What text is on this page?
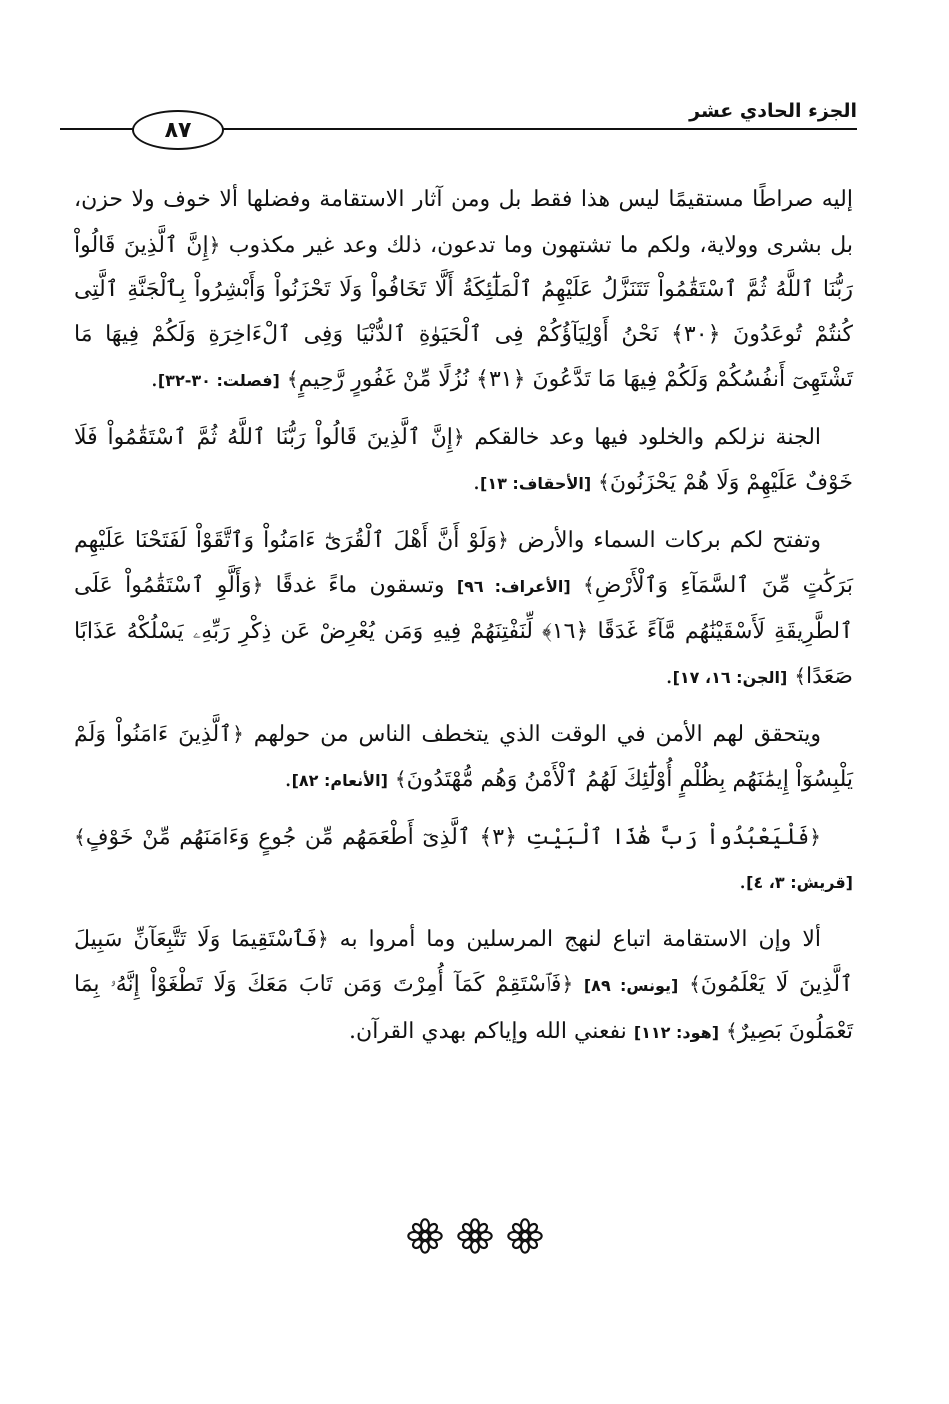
الجزء الحادي عشر
٨٧

إليه صراطًا مستقيمًا ليس هذا فقط بل ومن آثار الاستقامة وفضلها ألا خوف ولا حزن، بل بشرى وولاية، ولكم ما تشتهون وما تدعون، ذلك وعد غير مكذوب ﴿إِنَّ ٱلَّذِينَ قَالُواْ رَبُّنَا ٱللَّهُ ثُمَّ ٱسْتَقَٰمُواْ تَتَنَزَّلُ عَلَيْهِمُ ٱلْمَلَٰٓئِكَةُ أَلَّا تَخَافُواْ وَلَا تَحْزَنُواْ وَأَبْشِرُواْ بِٱلْجَنَّةِ ٱلَّتِى كُنتُمْ تُوعَدُونَ ﴿٣٠﴾ نَحْنُ أَوْلِيَآؤُكُمْ فِى ٱلْحَيَوٰةِ ٱلدُّنْيَا وَفِى ٱلْءَاخِرَةِ وَلَكُمْ فِيهَا مَا تَشْتَهِىٓ أَنفُسُكُمْ وَلَكُمْ فِيهَا مَا تَدَّعُونَ ﴿٣١﴾ نُزُلًا مِّنْ غَفُورٍ رَّحِيمٍ﴾ [فصلت: ٣٠-٣٢].

الجنة نزلكم والخلود فيها وعد خالقكم ﴿إِنَّ ٱلَّذِينَ قَالُواْ رَبُّنَا ٱللَّهُ ثُمَّ ٱسْتَقَٰمُواْ فَلَا خَوْفٌ عَلَيْهِمْ وَلَا هُمْ يَحْزَنُونَ﴾ [الأحقاف: ١٣].

وتفتح لكم بركات السماء والأرض ﴿وَلَوْ أَنَّ أَهْلَ ٱلْقُرَىٰٓ ءَامَنُواْ وَٱتَّقَوْاْ لَفَتَحْنَا عَلَيْهِم بَرَكَٰتٍ مِّنَ ٱلسَّمَآءِ وَٱلْأَرْضِ﴾ [الأعراف: ٩٦] وتسقون ماءً غدقًا ﴿وَأَلَّوِ ٱسْتَقَٰمُواْ عَلَى ٱلطَّرِيقَةِ لَأَسْقَيْنَٰهُم مَّآءً غَدَقًا ﴿١٦﴾ لِّنَفْتِنَهُمْ فِيهِ وَمَن يُعْرِضْ عَن ذِكْرِ رَبِّهِۦ يَسْلُكْهُ عَذَابًا صَعَدًا﴾ [الجن: ١٦، ١٧].

ويتحقق لهم الأمن في الوقت الذي يتخطف الناس من حولهم ﴿ٱلَّذِينَ ءَامَنُواْ وَلَمْ يَلْبِسُوٓاْ إِيمَٰنَهُم بِظُلْمٍ أُوْلَٰٓئِكَ لَهُمُ ٱلْأَمْنُ وَهُم مُّهْتَدُونَ﴾ [الأنعام: ٨٢].

﴿فَلْيَعْبُدُواْ رَبَّ هَٰذَا ٱلْبَيْتِ ﴿٣﴾ ٱلَّذِىٓ أَطْعَمَهُم مِّن جُوعٍ وَءَامَنَهُم مِّنْ خَوْفٍ﴾ [قريش: ٣، ٤].

ألا وإن الاستقامة اتباع لنهج المرسلين وما أمروا به ﴿فَٱسْتَقِيمَا وَلَا تَتَّبِعَآنِّ سَبِيلَ ٱلَّذِينَ لَا يَعْلَمُونَ﴾ [يونس: ٨٩] ﴿فَٱسْتَقِمْ كَمَآ أُمِرْتَ وَمَن تَابَ مَعَكَ وَلَا تَطْغَوْاْ إِنَّهُۥ بِمَا تَعْمَلُونَ بَصِيرٌ﴾ [هود: ١١٢] نفعني الله وإياكم بهدي القرآن.
